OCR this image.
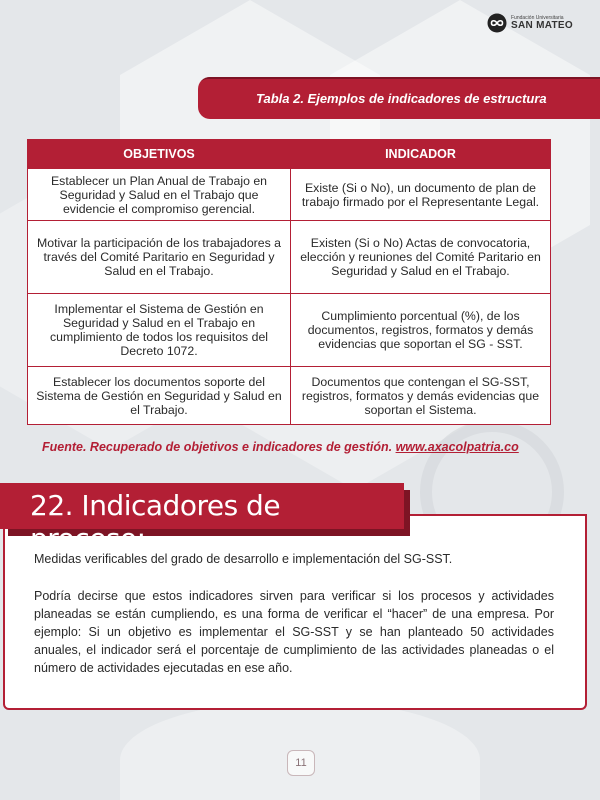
Fundación Universitaria
SAN MATEO
Tabla 2. Ejemplos de indicadores de estructura
OBJETIVOS	INDICADOR
Establecer un Plan Anual de Trabajo en Seguridad y Salud en el Trabajo que evidencie el compromiso gerencial.	Existe (Si o No), un documento de plan de trabajo firmado por el Representante Legal.
Motivar la participación de los trabajadores a través del Comité Paritario en Seguridad y Salud en el Trabajo.	Existen (Si o No) Actas de convocatoria, elección y reuniones del Comité Paritario en Seguridad y Salud en el Trabajo.
Implementar el Sistema de Gestión en Seguridad y Salud en el Trabajo en cumplimiento de todos los requisitos del Decreto 1072.	Cumplimiento porcentual (%), de los documentos, registros, formatos y demás evidencias que soportan el SG - SST.
Establecer los documentos soporte del Sistema de Gestión en Seguridad y Salud en el Trabajo.	Documentos que contengan el SG-SST, registros, formatos y demás evidencias que soportan el Sistema.
Fuente. Recuperado de objetivos e indicadores de gestión. www.axacolpatria.co
Medidas verificables del grado de desarrollo e implementación del SG-SST.
Podría decirse que estos indicadores sirven para verificar si los procesos y actividades planeadas se están cumpliendo, es una forma de verificar el “hacer” de una empresa. Por ejemplo: Si un objetivo es implementar el SG-SST y se han planteado 50 actividades anuales, el indicador será el porcentaje de cumplimiento de las actividades planeadas o el número de actividades ejecutadas en ese año.
22. Indicadores de proceso:
11
